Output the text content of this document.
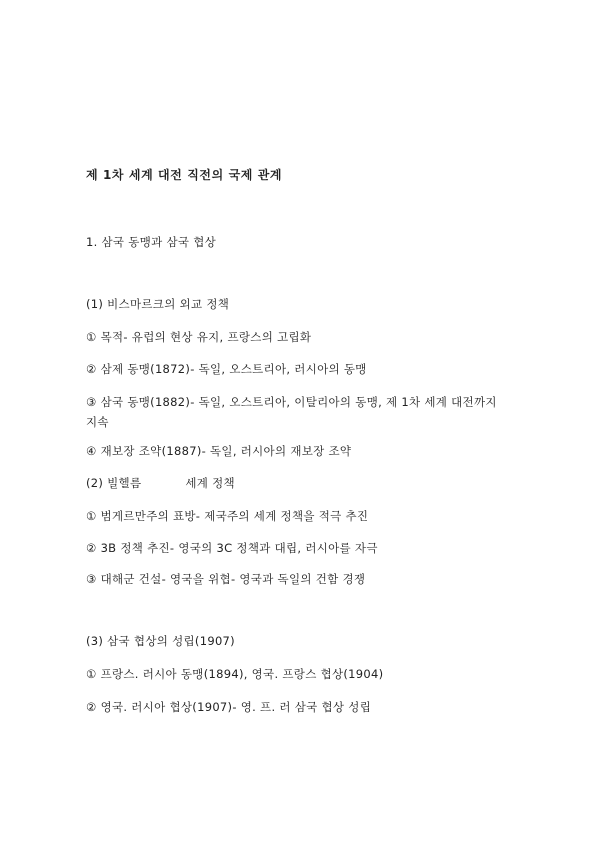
제 1차 세계 대전 직전의 국제 관계
1. 삼국 동맹과 삼국 협상
(1) 비스마르크의 외교 정책
① 목적- 유럽의 현상 유지, 프랑스의 고립화
② 삼제 동맹(1872)- 독일, 오스트리아, 러시아의 동맹
③ 삼국 동맹(1882)- 독일, 오스트리아, 이탈리아의 동맹, 제 1차 세계 대전까지 지속
④ 재보장 조약(1887)- 독일, 러시아의 재보장 조약
(2) 빌헬름	세계 정책
① 범게르만주의 표방- 제국주의 세계 정책을 적극 추진
② 3B 정책 추진- 영국의 3C 정책과 대립, 러시아를 자극
③ 대해군 건설- 영국을 위협- 영국과 독일의 건함 경쟁
(3) 삼국 협상의 성립(1907)
① 프랑스. 러시아 동맹(1894), 영국. 프랑스 협상(1904)
② 영국. 러시아 협상(1907)- 영. 프. 러 삼국 협상 성립
